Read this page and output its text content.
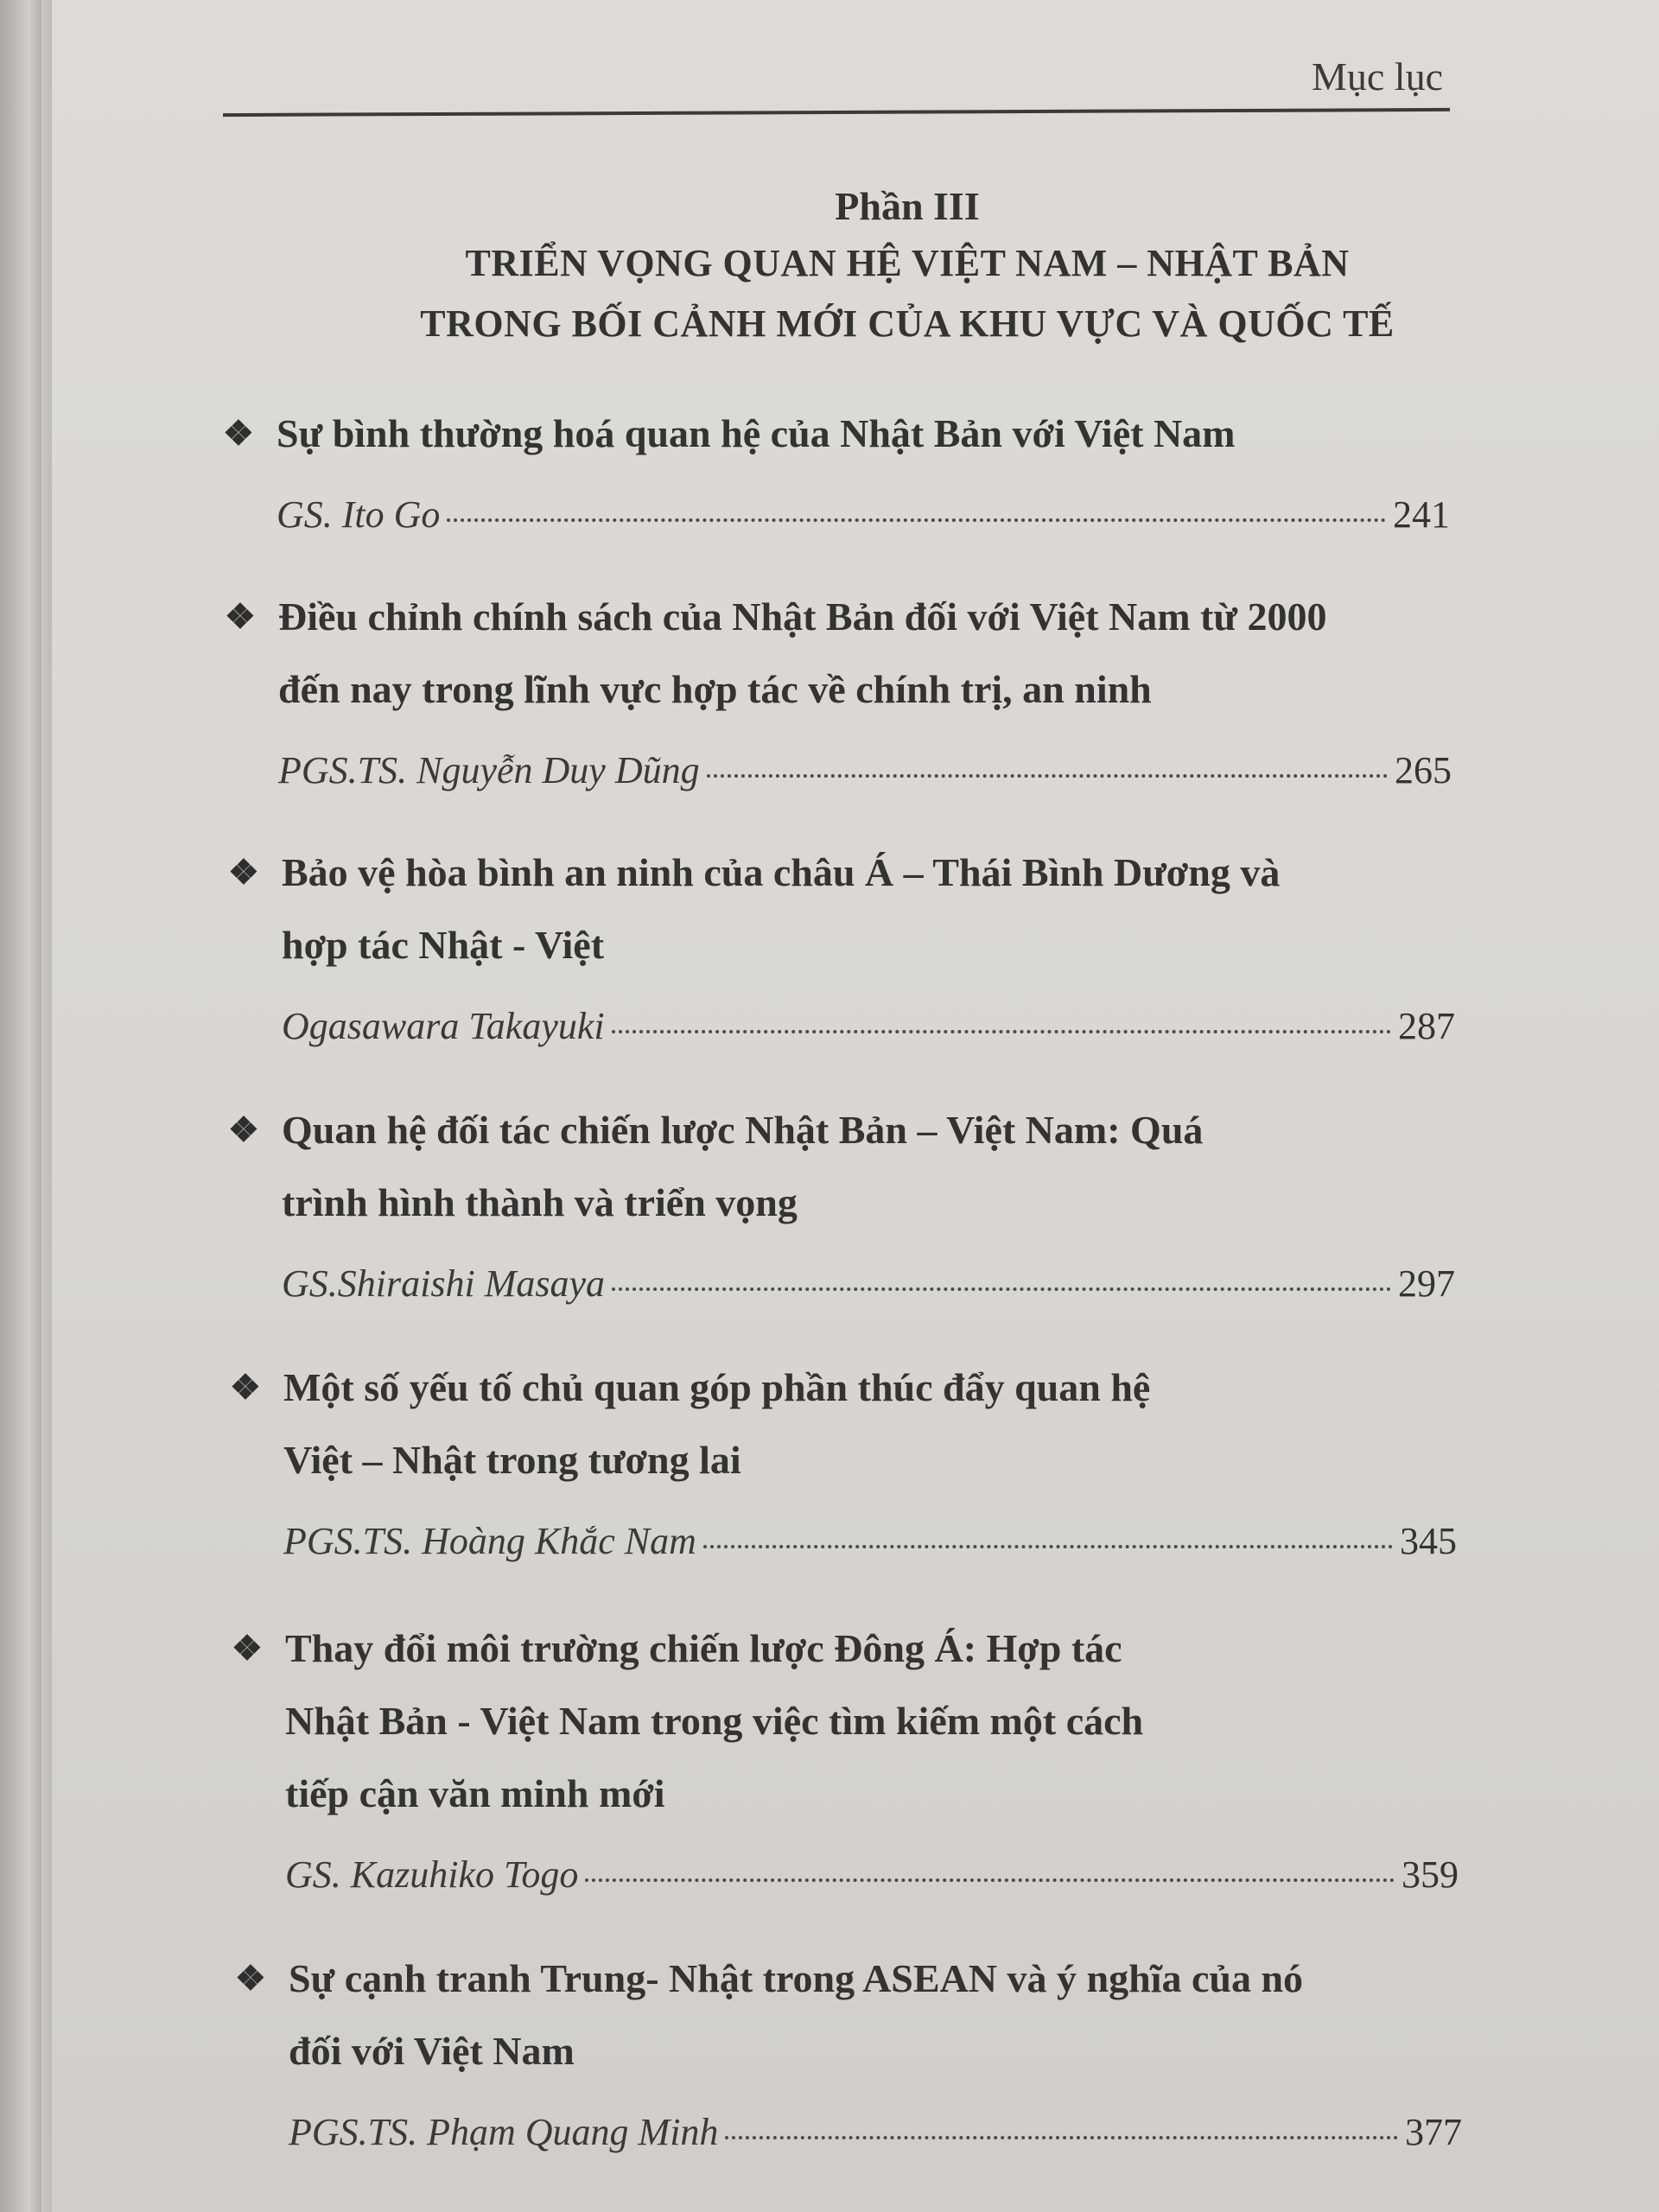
Mục lục
Phần III
TRIỂN VỌNG QUAN HỆ VIỆT NAM – NHẬT BẢN
TRONG BỐI CẢNH MỚI CỦA KHU VỰC VÀ QUỐC TẾ
❖ Sự bình thường hoá quan hệ của Nhật Bản với Việt Nam
GS. Ito Go	241
❖ Điều chỉnh chính sách của Nhật Bản đối với Việt Nam từ 2000
đến nay trong lĩnh vực hợp tác về chính trị, an ninh
PGS.TS. Nguyễn Duy Dũng	265
❖ Bảo vệ hòa bình an ninh của châu Á – Thái Bình Dương và
hợp tác Nhật - Việt
Ogasawara Takayuki	287
❖ Quan hệ đối tác chiến lược Nhật Bản – Việt Nam: Quá
trình hình thành và triển vọng
GS.Shiraishi Masaya	297
❖ Một số yếu tố chủ quan góp phần thúc đẩy quan hệ
Việt – Nhật trong tương lai
PGS.TS. Hoàng Khắc Nam	345
❖ Thay đổi môi trường chiến lược Đông Á: Hợp tác
Nhật Bản - Việt Nam trong việc tìm kiếm một cách
tiếp cận văn minh mới
GS. Kazuhiko Togo	359
❖ Sự cạnh tranh Trung- Nhật trong ASEAN và ý nghĩa của nó
đối với Việt Nam
PGS.TS. Phạm Quang Minh	377
